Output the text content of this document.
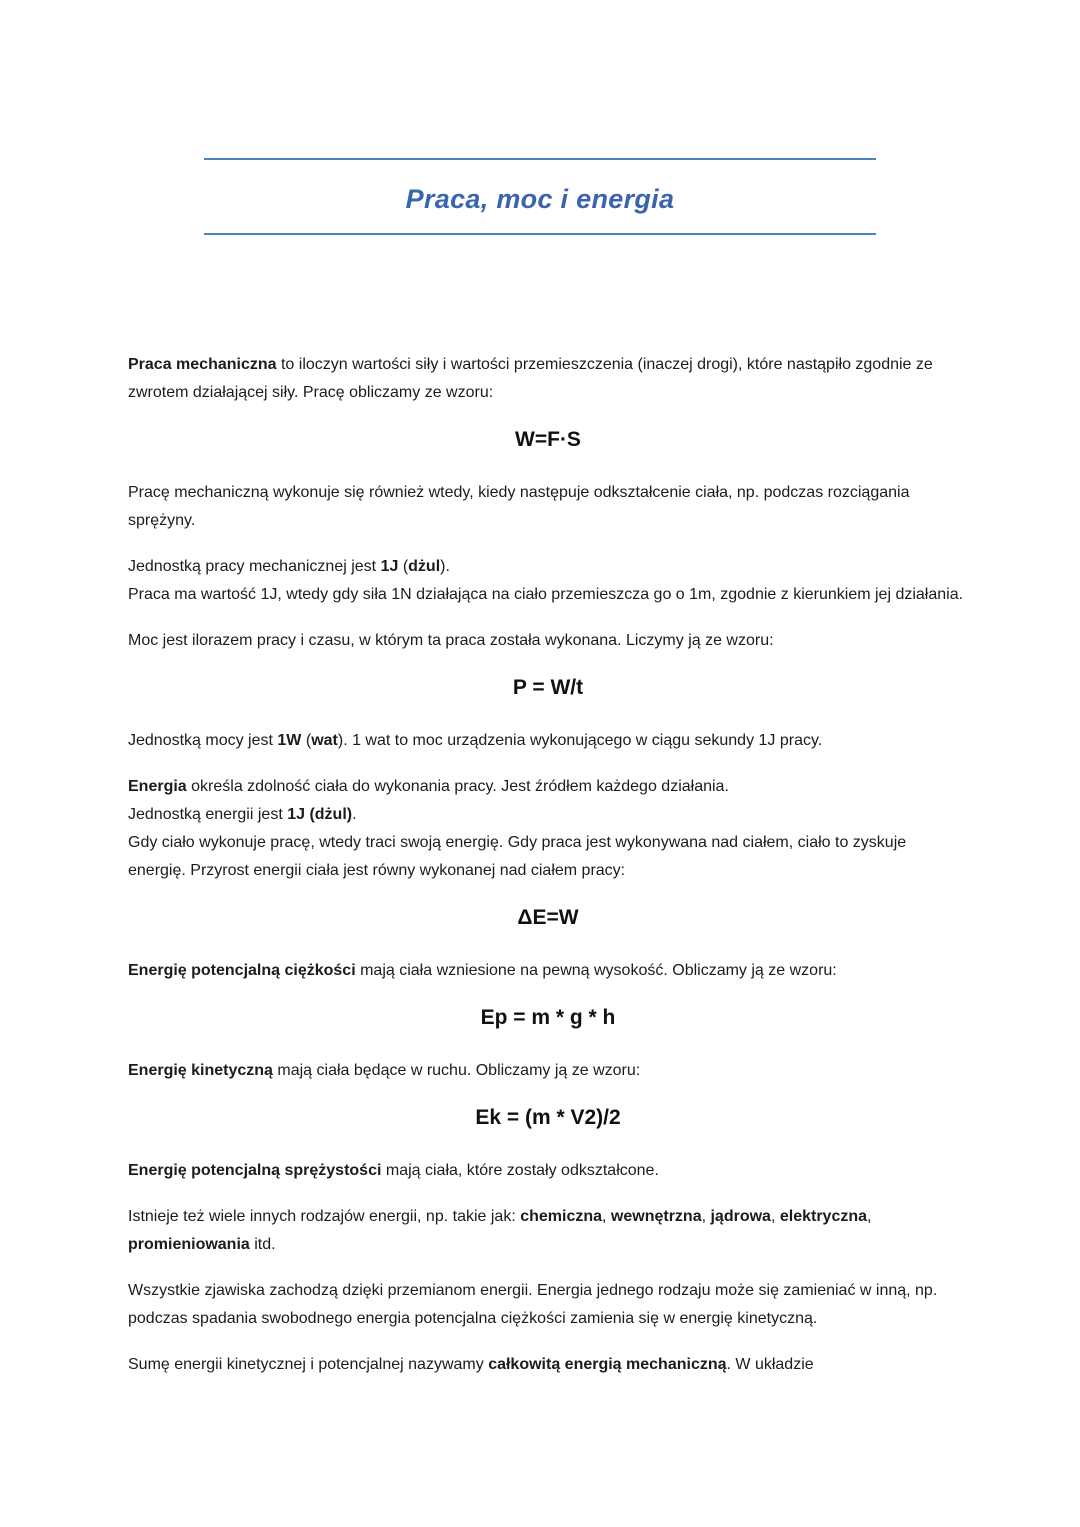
Praca, moc i energia

Praca mechaniczna to iloczyn wartości siły i wartości przemieszczenia (inaczej drogi), które nastąpiło zgodnie ze zwrotem działającej siły. Pracę obliczamy ze wzoru:

W=F·S

Pracę mechaniczną wykonuje się również wtedy, kiedy następuje odkształcenie ciała, np. podczas rozciągania sprężyny.

Jednostką pracy mechanicznej jest 1J (dżul).
Praca ma wartość 1J, wtedy gdy siła 1N działająca na ciało przemieszcza go o 1m, zgodnie z kierunkiem jej działania.

Moc jest ilorazem pracy i czasu, w którym ta praca została wykonana. Liczymy ją ze wzoru:

P = W/t

Jednostką mocy jest 1W (wat). 1 wat to moc urządzenia wykonującego w ciągu sekundy 1J pracy.

Energia określa zdolność ciała do wykonania pracy. Jest źródłem każdego działania.
Jednostką energii jest 1J (dżul).
Gdy ciało wykonuje pracę, wtedy traci swoją energię. Gdy praca jest wykonywana nad ciałem, ciało to zyskuje energię. Przyrost energii ciała jest równy wykonanej nad ciałem pracy:

ΔE=W

Energię potencjalną ciężkości mają ciała wzniesione na pewną wysokość. Obliczamy ją ze wzoru:

Ep = m * g * h

Energię kinetyczną mają ciała będące w ruchu. Obliczamy ją ze wzoru:

Ek = (m * V2)/2

Energię potencjalną sprężystości mają ciała, które zostały odkształcone.

Istnieje też wiele innych rodzajów energii, np. takie jak: chemiczna, wewnętrzna, jądrowa, elektryczna, promieniowania itd.

Wszystkie zjawiska zachodzą dzięki przemianom energii. Energia jednego rodzaju może się zamieniać w inną, np. podczas spadania swobodnego energia potencjalna ciężkości zamienia się w energię kinetyczną.

Sumę energii kinetycznej i potencjalnej nazywamy całkowitą energią mechaniczną. W układzie
